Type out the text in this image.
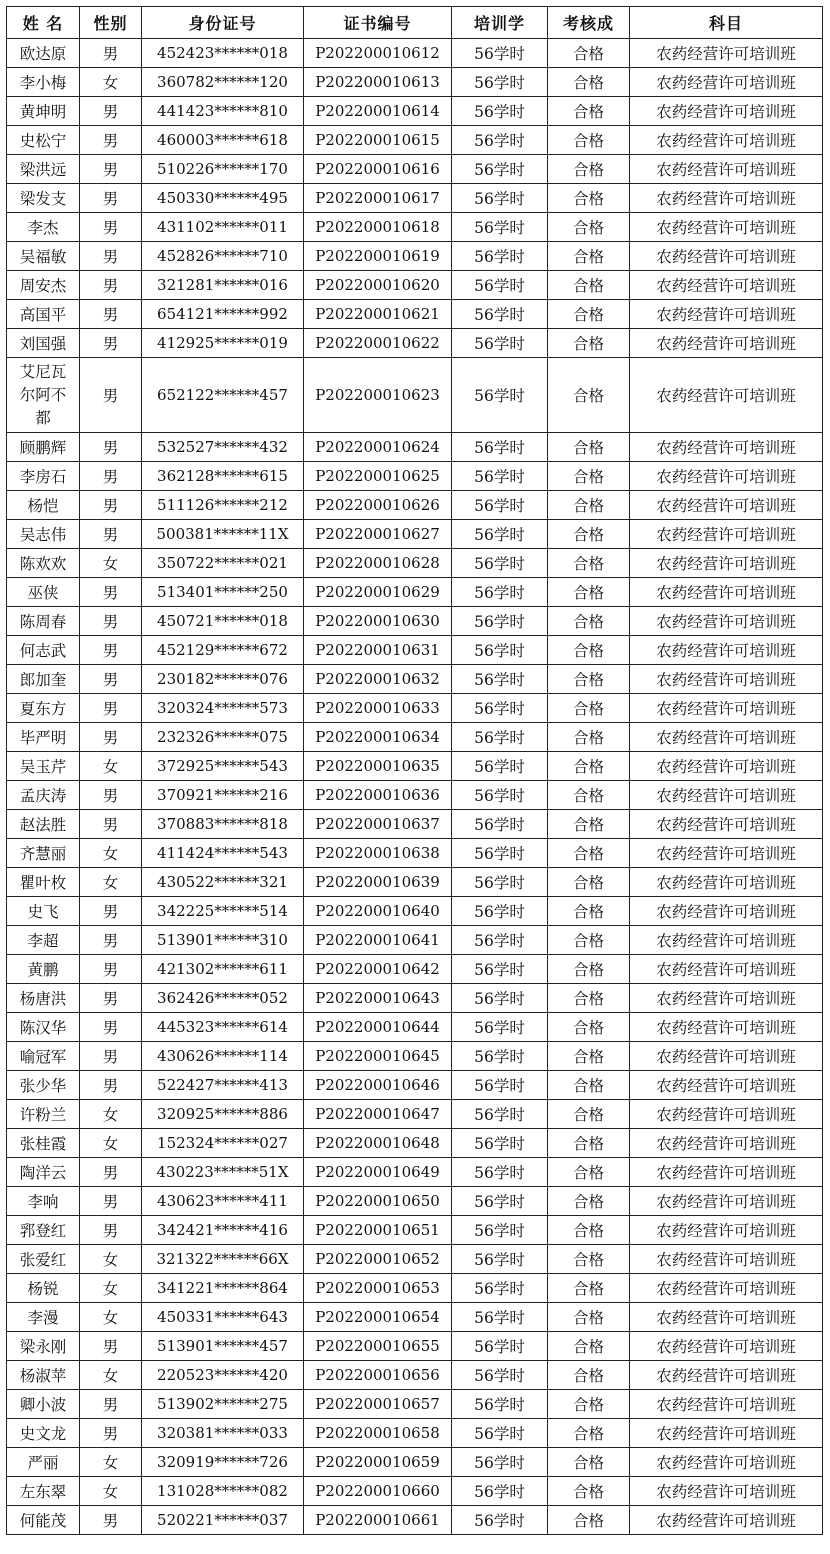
姓 名	性别	身份证号	证书编号	培训学	考核成	科目
欧达原	男	452423******018	P202200010612	56学时	合格	农药经营许可培训班
李小梅	女	360782******120	P202200010613	56学时	合格	农药经营许可培训班
黄坤明	男	441423******810	P202200010614	56学时	合格	农药经营许可培训班
史松宁	男	460003******618	P202200010615	56学时	合格	农药经营许可培训班
梁洪远	男	510226******170	P202200010616	56学时	合格	农药经营许可培训班
梁发支	男	450330******495	P202200010617	56学时	合格	农药经营许可培训班
李杰	男	431102******011	P202200010618	56学时	合格	农药经营许可培训班
吴福敏	男	452826******710	P202200010619	56学时	合格	农药经营许可培训班
周安杰	男	321281******016	P202200010620	56学时	合格	农药经营许可培训班
高国平	男	654121******992	P202200010621	56学时	合格	农药经营许可培训班
刘国强	男	412925******019	P202200010622	56学时	合格	农药经营许可培训班
艾尼瓦尔阿不都	男	652122******457	P202200010623	56学时	合格	农药经营许可培训班
顾鹏辉	男	532527******432	P202200010624	56学时	合格	农药经营许可培训班
李房石	男	362128******615	P202200010625	56学时	合格	农药经营许可培训班
杨恺	男	511126******212	P202200010626	56学时	合格	农药经营许可培训班
吴志伟	男	500381******11X	P202200010627	56学时	合格	农药经营许可培训班
陈欢欢	女	350722******021	P202200010628	56学时	合格	农药经营许可培训班
巫侠	男	513401******250	P202200010629	56学时	合格	农药经营许可培训班
陈周春	男	450721******018	P202200010630	56学时	合格	农药经营许可培训班
何志武	男	452129******672	P202200010631	56学时	合格	农药经营许可培训班
郎加奎	男	230182******076	P202200010632	56学时	合格	农药经营许可培训班
夏东方	男	320324******573	P202200010633	56学时	合格	农药经营许可培训班
毕严明	男	232326******075	P202200010634	56学时	合格	农药经营许可培训班
吴玉芹	女	372925******543	P202200010635	56学时	合格	农药经营许可培训班
孟庆涛	男	370921******216	P202200010636	56学时	合格	农药经营许可培训班
赵法胜	男	370883******818	P202200010637	56学时	合格	农药经营许可培训班
齐慧丽	女	411424******543	P202200010638	56学时	合格	农药经营许可培训班
瞿叶枚	女	430522******321	P202200010639	56学时	合格	农药经营许可培训班
史飞	男	342225******514	P202200010640	56学时	合格	农药经营许可培训班
李超	男	513901******310	P202200010641	56学时	合格	农药经营许可培训班
黄鹏	男	421302******611	P202200010642	56学时	合格	农药经营许可培训班
杨唐洪	男	362426******052	P202200010643	56学时	合格	农药经营许可培训班
陈汉华	男	445323******614	P202200010644	56学时	合格	农药经营许可培训班
喻冠军	男	430626******114	P202200010645	56学时	合格	农药经营许可培训班
张少华	男	522427******413	P202200010646	56学时	合格	农药经营许可培训班
许粉兰	女	320925******886	P202200010647	56学时	合格	农药经营许可培训班
张桂霞	女	152324******027	P202200010648	56学时	合格	农药经营许可培训班
陶洋云	男	430223******51X	P202200010649	56学时	合格	农药经营许可培训班
李响	男	430623******411	P202200010650	56学时	合格	农药经营许可培训班
郛登红	男	342421******416	P202200010651	56学时	合格	农药经营许可培训班
张爱红	女	321322******66X	P202200010652	56学时	合格	农药经营许可培训班
杨锐	女	341221******864	P202200010653	56学时	合格	农药经营许可培训班
李漫	女	450331******643	P202200010654	56学时	合格	农药经营许可培训班
梁永刚	男	513901******457	P202200010655	56学时	合格	农药经营许可培训班
杨淑苹	女	220523******420	P202200010656	56学时	合格	农药经营许可培训班
卿小波	男	513902******275	P202200010657	56学时	合格	农药经营许可培训班
史文龙	男	320381******033	P202200010658	56学时	合格	农药经营许可培训班
严丽	女	320919******726	P202200010659	56学时	合格	农药经营许可培训班
左东翠	女	131028******082	P202200010660	56学时	合格	农药经营许可培训班
何能茂	男	520221******037	P202200010661	56学时	合格	农药经营许可培训班
